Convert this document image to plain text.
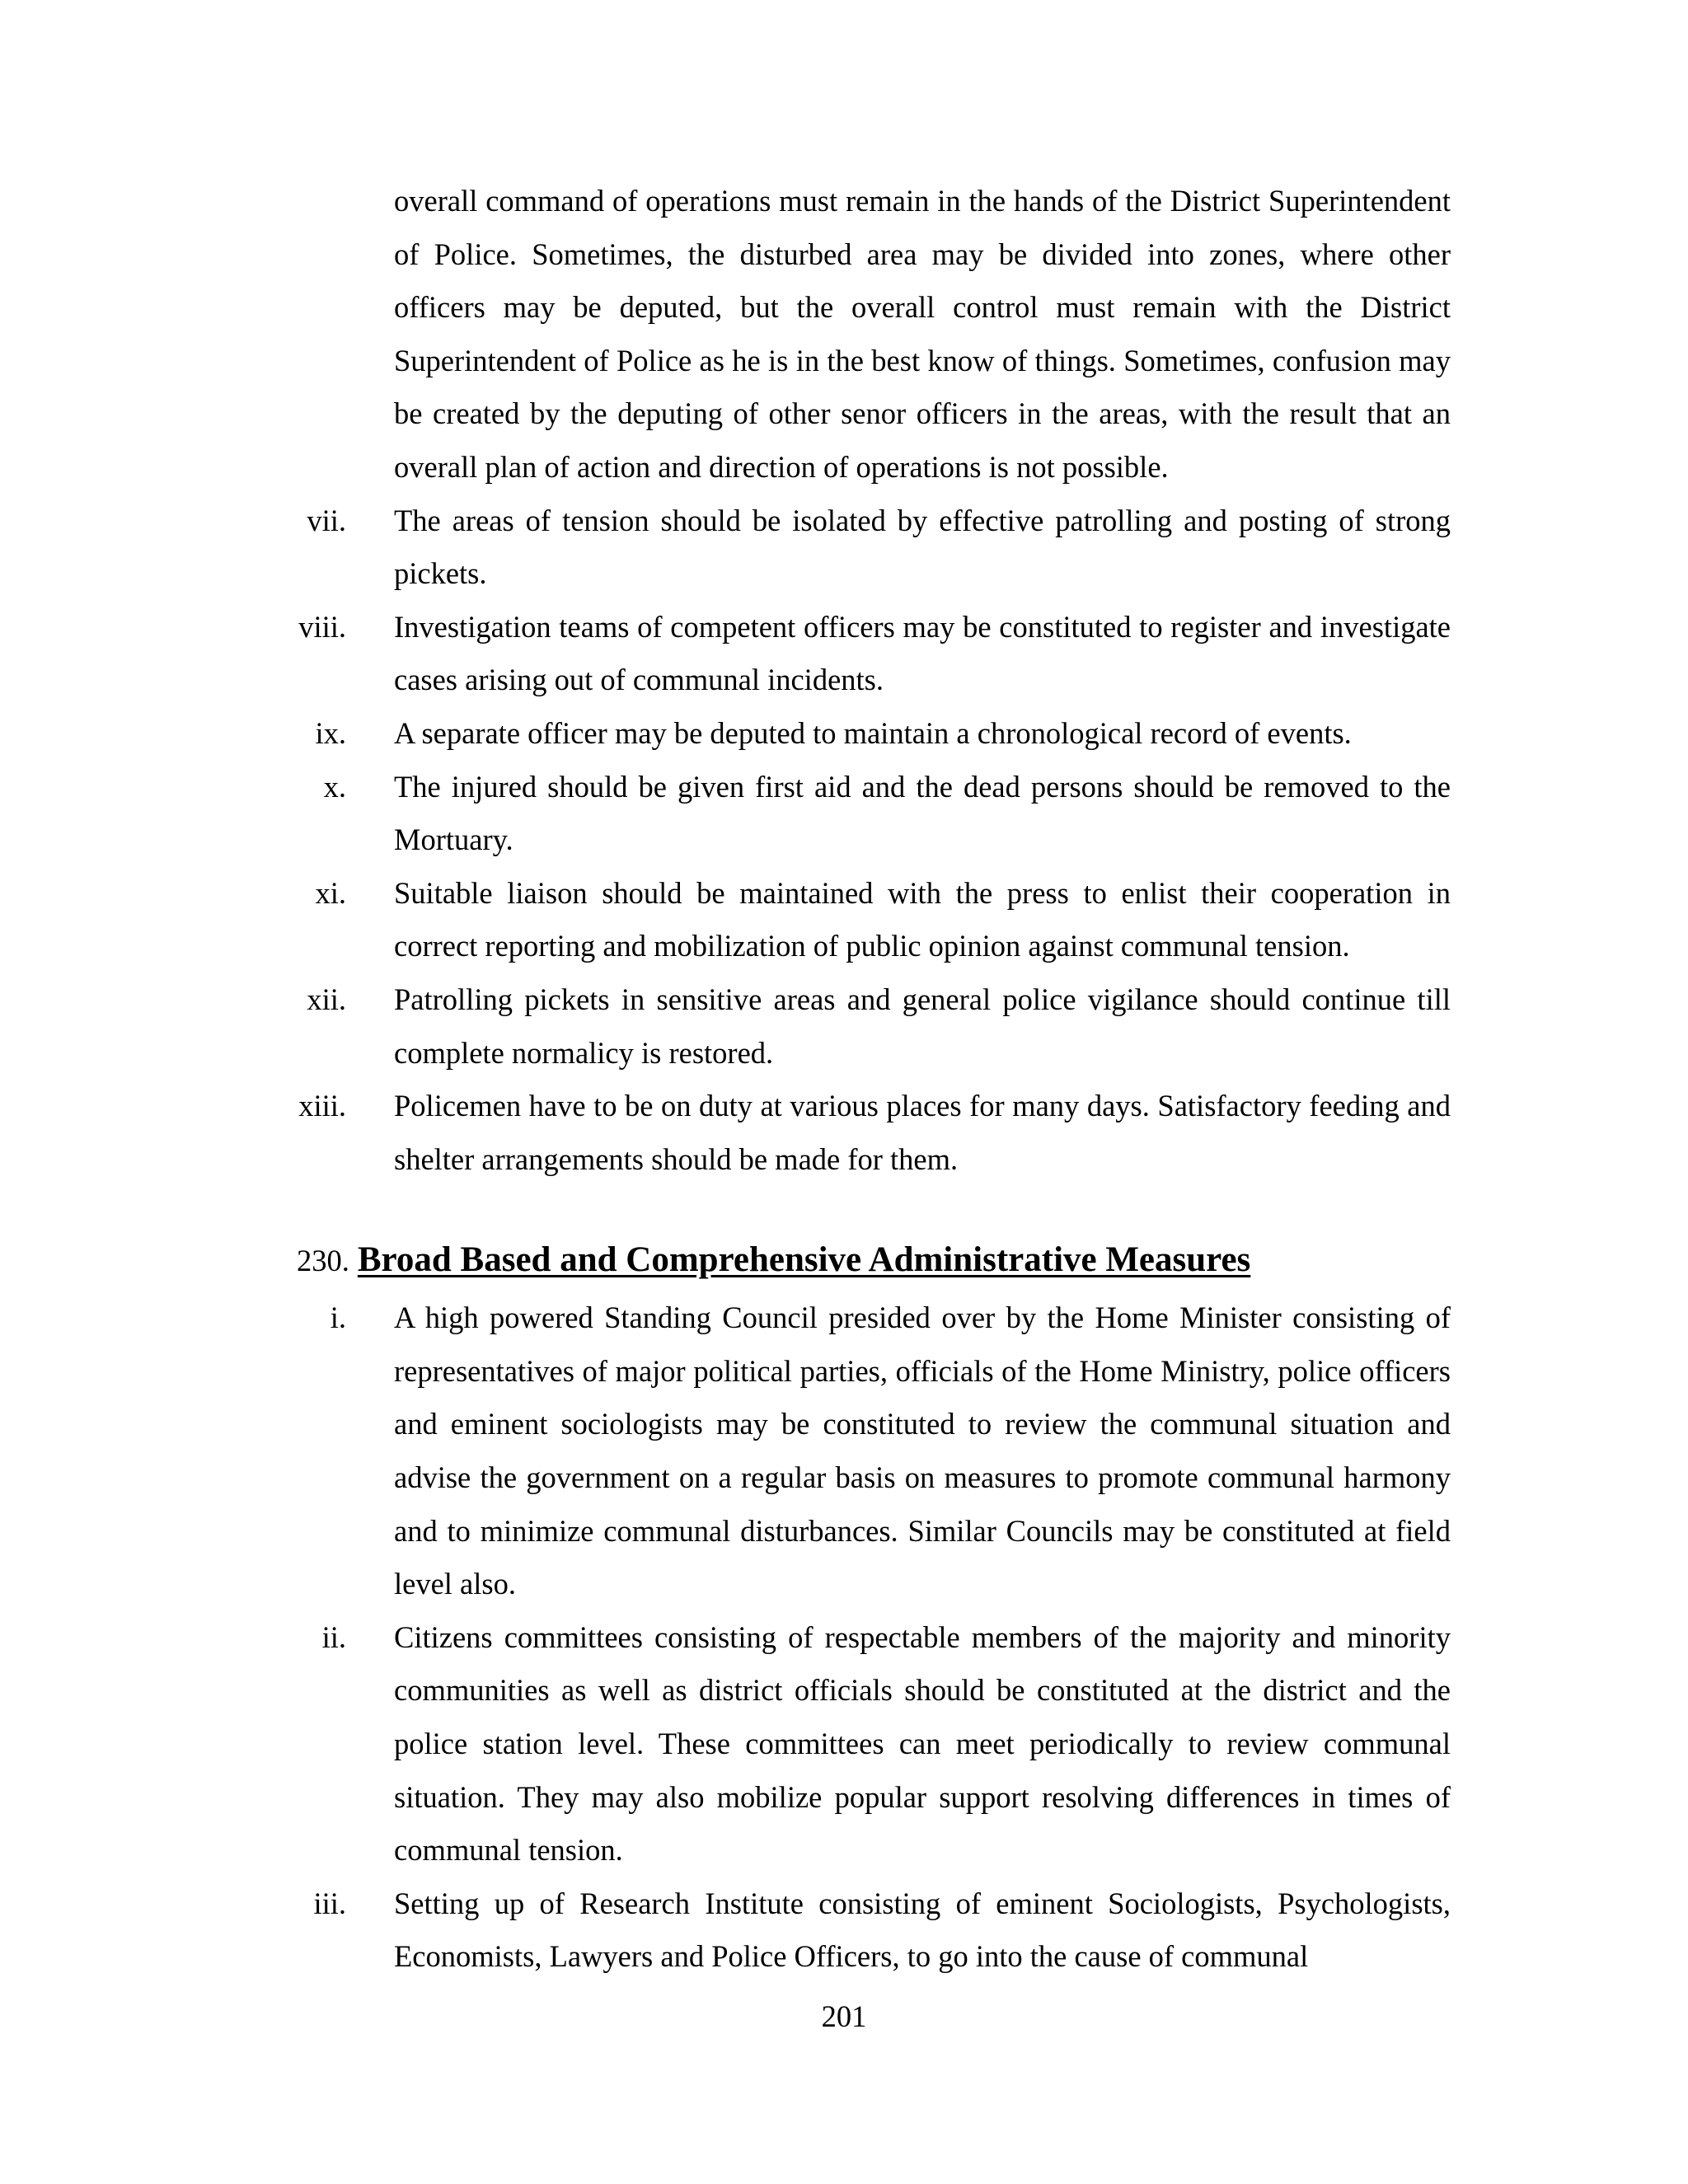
overall command of operations must remain in the hands of the District Superintendent of Police. Sometimes, the disturbed area may be divided into zones, where other officers may be deputed, but the overall control must remain with the District Superintendent of Police as he is in the best know of things. Sometimes, confusion may be created by the deputing of other senor officers in the areas, with the result that an overall plan of action and direction of operations is not possible.

vii. The areas of tension should be isolated by effective patrolling and posting of strong pickets.
viii. Investigation teams of competent officers may be constituted to register and investigate cases arising out of communal incidents.
ix. A separate officer may be deputed to maintain a chronological record of events.
x. The injured should be given first aid and the dead persons should be removed to the Mortuary.
xi. Suitable liaison should be maintained with the press to enlist their cooperation in correct reporting and mobilization of public opinion against communal tension.
xii. Patrolling pickets in sensitive areas and general police vigilance should continue till complete normalicy is restored.
xiii. Policemen have to be on duty at various places for many days. Satisfactory feeding and shelter arrangements should be made for them.
230. Broad Based and Comprehensive Administrative Measures
i. A high powered Standing Council presided over by the Home Minister consisting of representatives of major political parties, officials of the Home Ministry, police officers and eminent sociologists may be constituted to review the communal situation and advise the government on a regular basis on measures to promote communal harmony and to minimize communal disturbances. Similar Councils may be constituted at field level also.
ii. Citizens committees consisting of respectable members of the majority and minority communities as well as district officials should be constituted at the district and the police station level. These committees can meet periodically to review communal situation. They may also mobilize popular support resolving differences in times of communal tension.
iii. Setting up of Research Institute consisting of eminent Sociologists, Psychologists, Economists, Lawyers and Police Officers, to go into the cause of communal
201
